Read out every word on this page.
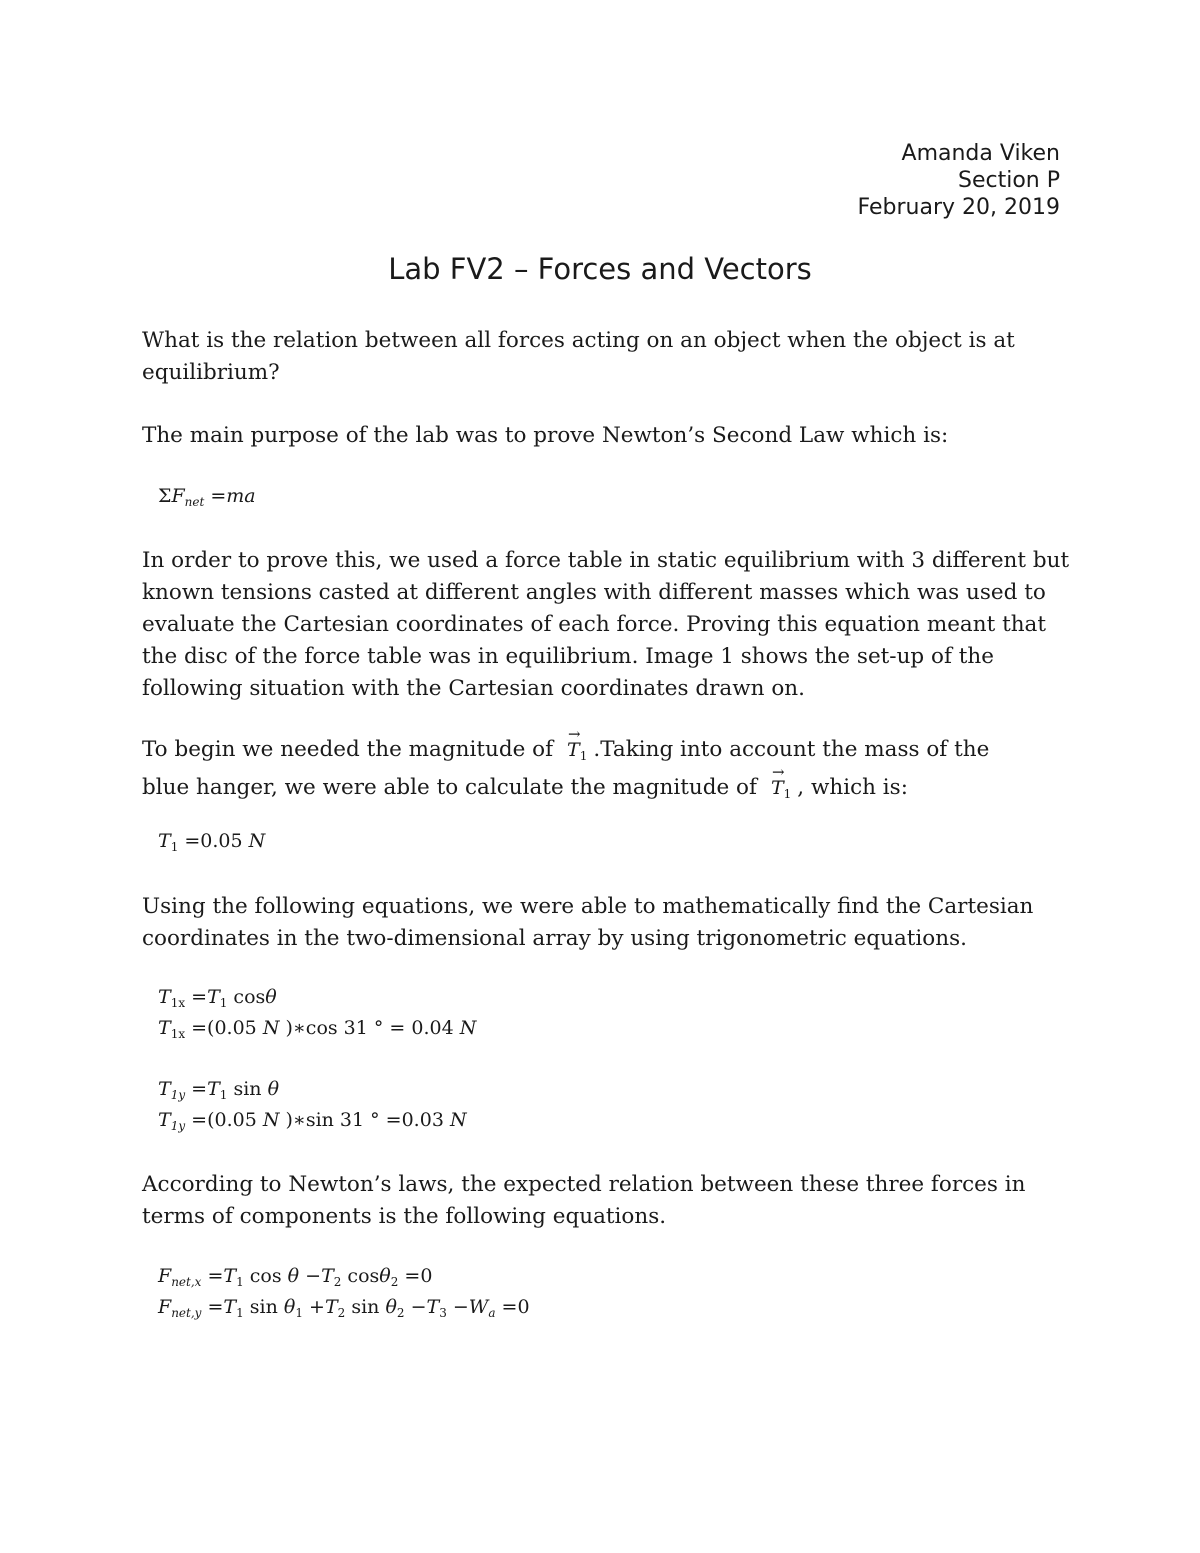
Amanda Viken
Section P
February 20, 2019
Lab FV2 – Forces and Vectors
What is the relation between all forces acting on an object when the object is at equilibrium?
The main purpose of the lab was to prove Newton’s Second Law which is:
$\Sigma F_{net} =ma$
In order to prove this, we used a force table in static equilibrium with 3 different but known tensions casted at different angles with different masses which was used to evaluate the Cartesian coordinates of each force. Proving this equation meant that the disc of the force table was in equilibrium. Image 1 shows the set-up of the following situation with the Cartesian coordinates drawn on.
To begin we needed the magnitude of
→
$T_1$ .Taking into account the mass of the
blue hanger, we were able to calculate the magnitude of
→
$T_1$ , which is:
$T_1 =0.05$ N
Using the following equations, we were able to mathematically find the Cartesian coordinates in the two-dimensional array by using trigonometric equations.
$T_{1x} =T_1$ cosθ
$T_{1x} =(0.05$ N )∗cos 31 ° = 0.04 N
$T_{1y} =T_1$ sin θ
$T_{1y} =(0.05$ N )∗sin 31 ° =0.03 N
According to Newton’s laws, the expected relation between these three forces in terms of components is the following equations.
$F_{net,x} =T_1$ $\cos \theta -T_2$ cosθ$_2$ =0
$F_{net,y} =T_1$ $\sin \theta_1 +T_2$ $\sin \theta_2 -T_3 -W_a =0$
